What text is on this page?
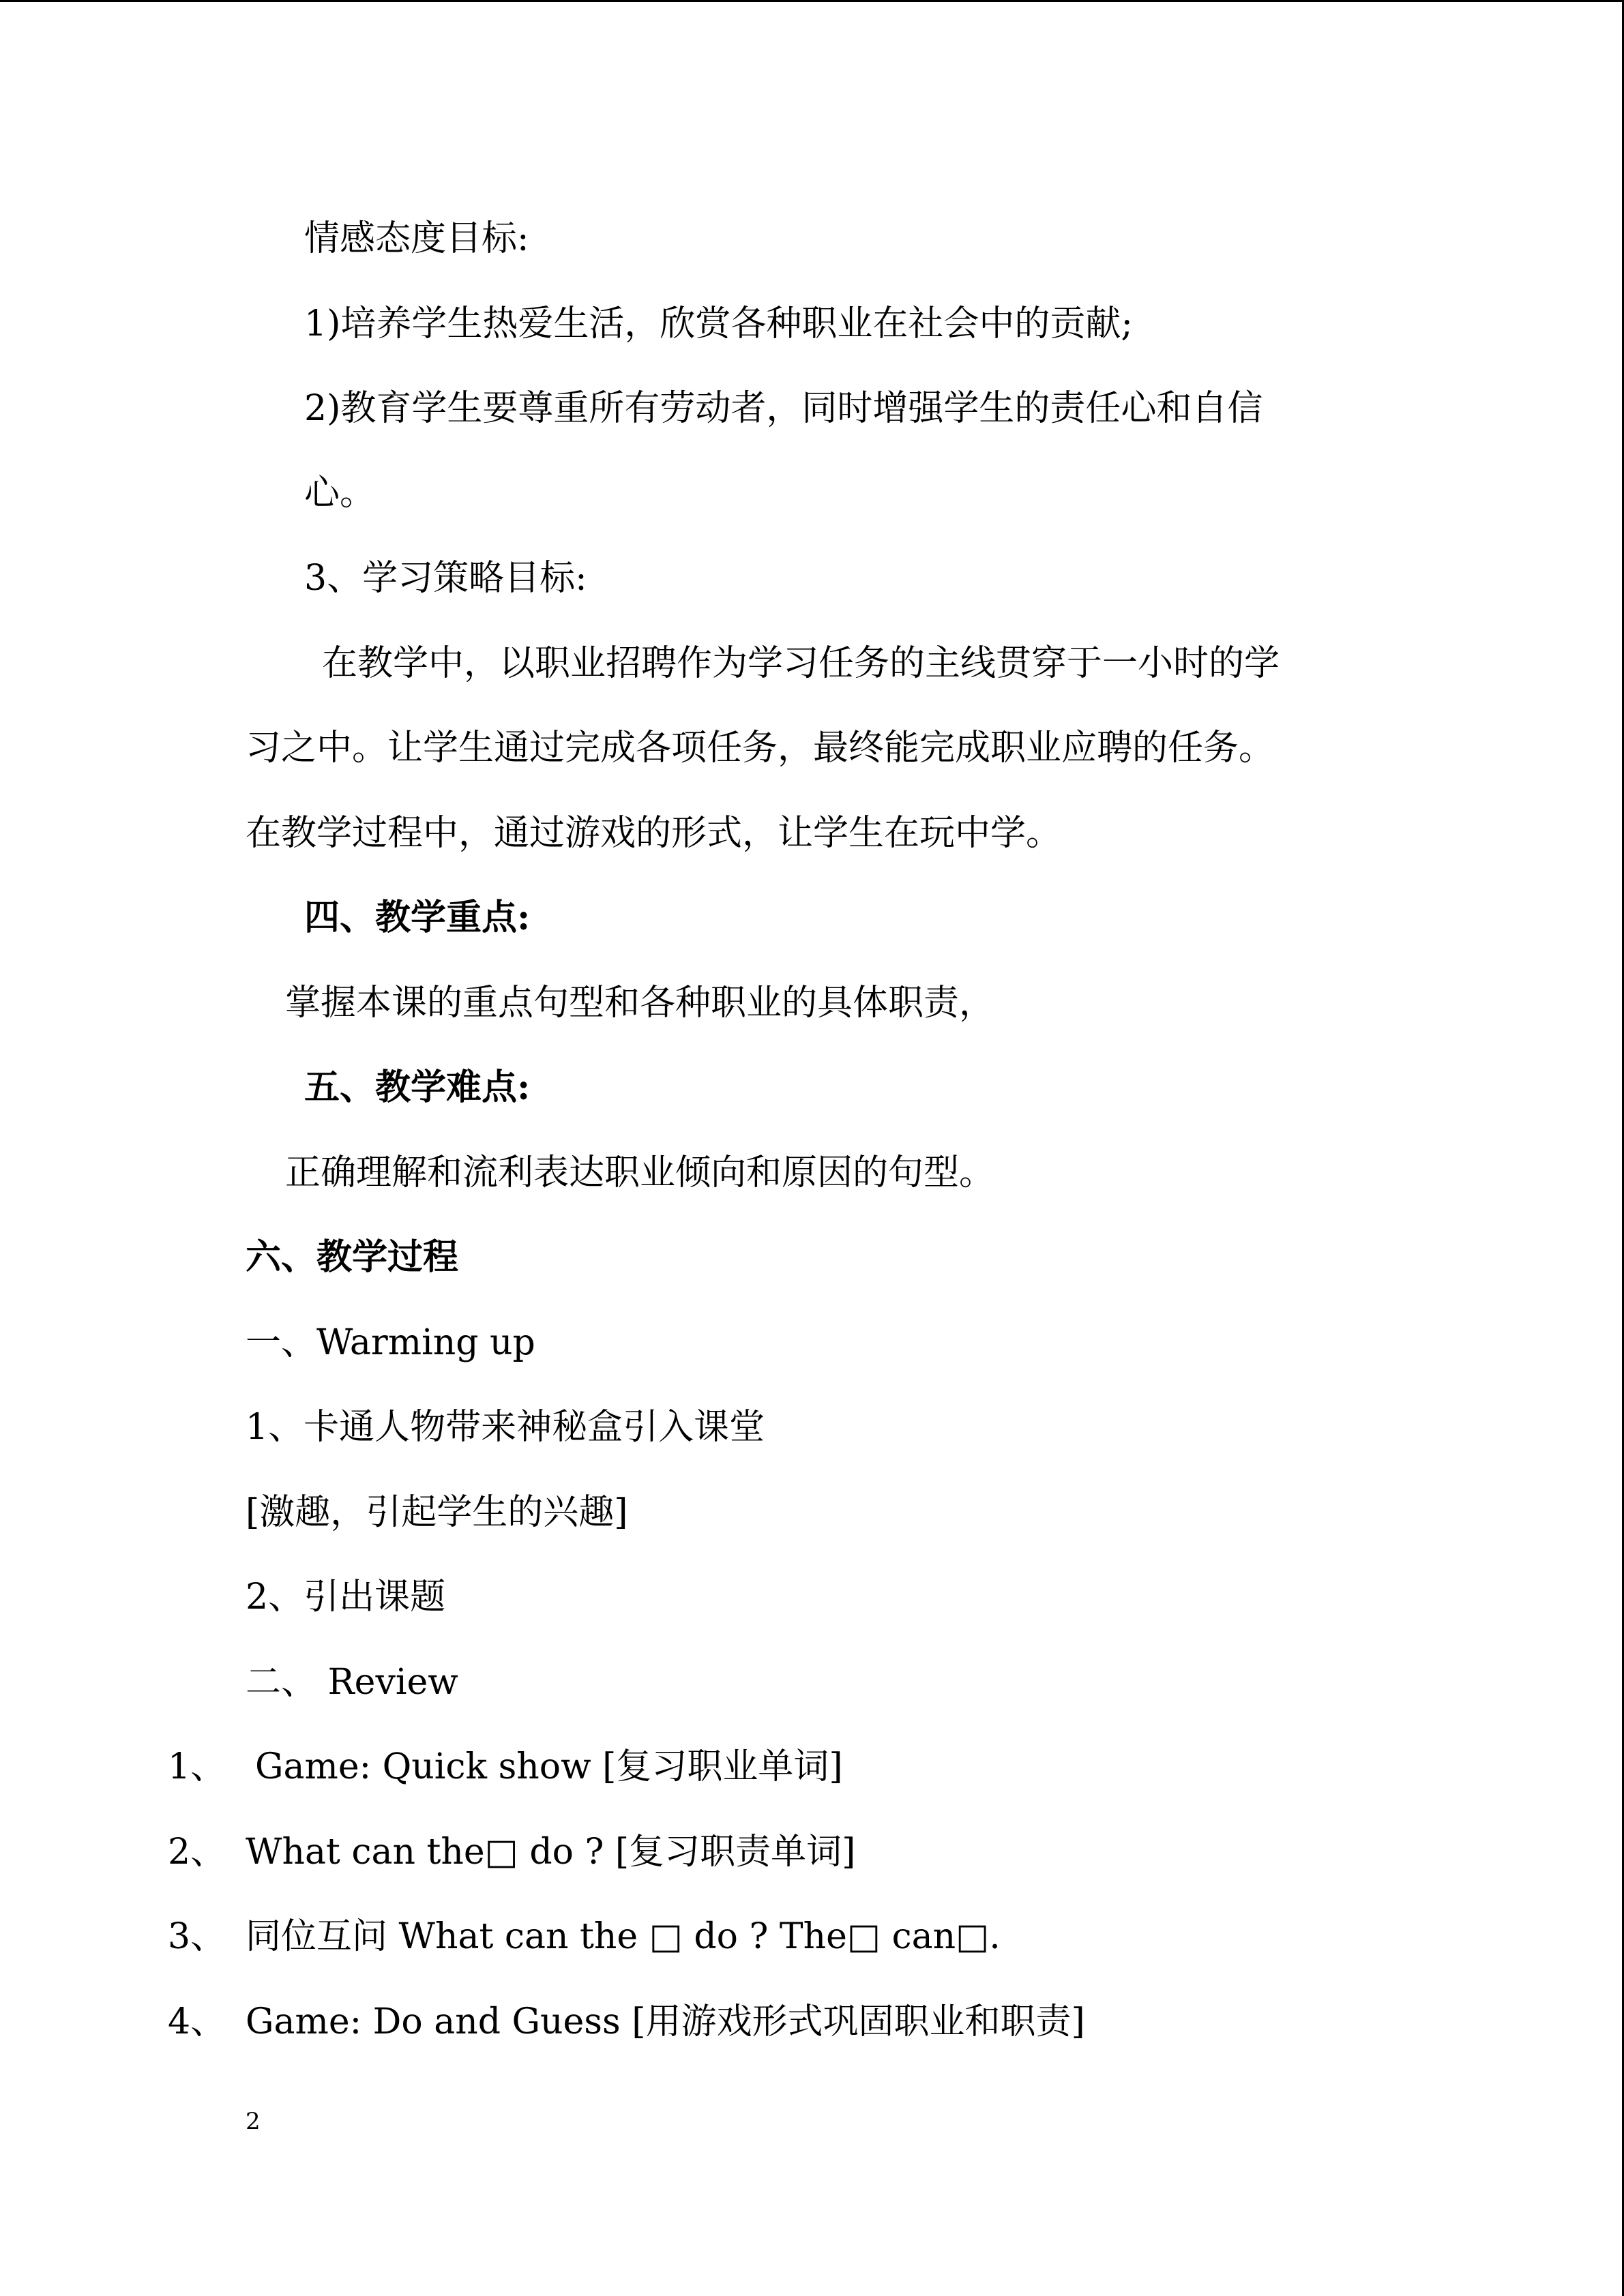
情感态度目标:
1)培养学生热爱生活，欣赏各种职业在社会中的贡献;
2)教育学生要尊重所有劳动者，同时增强学生的责任心和自信
心。
3、学习策略目标:
在教学中，以职业招聘作为学习任务的主线贯穿于一小时的学
习之中。让学生通过完成各项任务，最终能完成职业应聘的任务。
在教学过程中，通过游戏的形式，让学生在玩中学。
四、教学重点:
掌握本课的重点句型和各种职业的具体职责，
五、教学难点:
正确理解和流利表达职业倾向和原因的句型。
六、教学过程
一、Warming up
1、卡通人物带来神秘盒引入课堂
[激趣，引起学生的兴趣]
2、引出课题
二、 Review
1、 Game: Quick show [复习职业单词]
2、 What can the□ do ? [复习职责单词]
3、 同位互问 What can the □ do ? The□ can□.
4、 Game: Do and Guess [用游戏形式巩固职业和职责]
2
